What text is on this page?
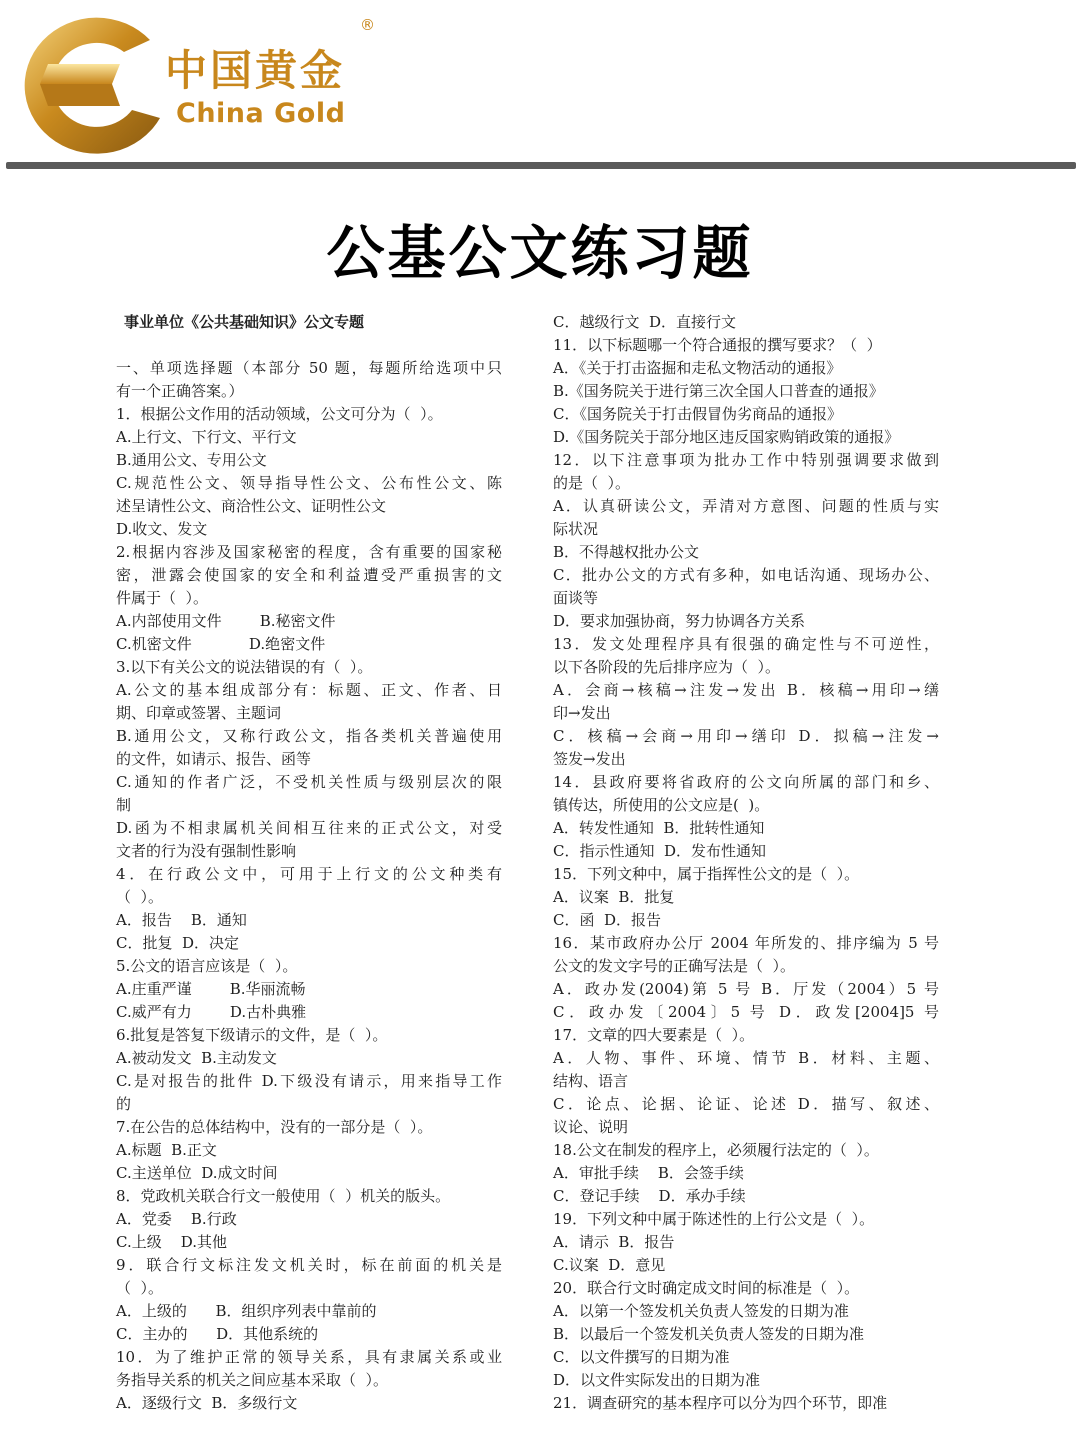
中国黄金
China Gold
®
公基公文练习题
事业单位《公共基础知识》公文专题
一、单项选择题（本部分 50 题，每题所给选项中只
有一个正确答案。）
1．根据公文作用的活动领域，公文可分为（  ）。
A.上行文、下行文、平行文
B.通用公文、专用公文
C.规范性公文、领导指导性公文、公布性公文、陈
述呈请性公文、商洽性公文、证明性公文
D.收文、发文
2.根据内容涉及国家秘密的程度，含有重要的国家秘
密，泄露会使国家的安全和利益遭受严重损害的文
件属于（  ）。
A.内部使用文件        B.秘密文件
C.机密文件            D.绝密文件
3.以下有关公文的说法错误的有（  ）。
A.公文的基本组成部分有：标题、正文、作者、日
期、印章或签署、主题词
B.通用公文，又称行政公文，指各类机关普遍使用
的文件，如请示、报告、函等
C.通知的作者广泛，不受机关性质与级别层次的限
制
D.函为不相隶属机关间相互往来的正式公文，对受
文者的行为没有强制性影响
4．在行政公文中，可用于上行文的公文种类有
（  ）。
A．报告    B．通知
C．批复  D．决定
5.公文的语言应该是（  ）。
A.庄重严谨        B.华丽流畅
C.威严有力        D.古朴典雅
6.批复是答复下级请示的文件，是（  ）。
A.被动发文  B.主动发文
C.是对报告的批件 D.下级没有请示，用来指导工作
的
7.在公告的总体结构中，没有的一部分是（  ）。
A.标题  B.正文
C.主送单位  D.成文时间
8．党政机关联合行文一般使用（  ）机关的版头。
A．党委    B.行政
C.上级    D.其他
9．联合行文标注发文机关时，标在前面的机关是
（  ）。
A．上级的      B．组织序列表中靠前的
C．主办的      D．其他系统的
10．为了维护正常的领导关系，具有隶属关系或业
务指导关系的机关之间应基本采取（  ）。
A．逐级行文  B．多级行文
C．越级行文  D．直接行文
11．以下标题哪一个符合通报的撰写要求？（  ）
A．《关于打击盗掘和走私文物活动的通报》
B.《国务院关于进行第三次全国人口普查的通报》
C．《国务院关于打击假冒伪劣商品的通报》
D.《国务院关于部分地区违反国家购销政策的通报》
12．以下注意事项为批办工作中特别强调要求做到
的是（  ）。
A．认真研读公文，弄清对方意图、问题的性质与实
际状况
B．不得越权批办公文
C．批办公文的方式有多种，如电话沟通、现场办公、
面谈等
D．要求加强协商，努力协调各方关系
13．发文处理程序具有很强的确定性与不可逆性，
以下各阶段的先后排序应为（  ）。
A．会商→核稿→注发→发出 B．核稿→用印→缮
印→发出
C．核稿→会商→用印→缮印 D．拟稿→注发→
签发→发出
14．县政府要将省政府的公文向所属的部门和乡、
镇传达，所使用的公文应是(  )。
A．转发性通知  B．批转性通知
C．指示性通知  D．发布性通知
15．下列文种中，属于指挥性公文的是（  ）。
A．议案  B．批复
C．函  D．报告
16．某市政府办公厅 2004 年所发的、排序编为 5 号
公文的发文字号的正确写法是（  ）。
A．政办发(2004)第 5 号 B．厅发（2004）5 号
C．政办发〔2004〕5 号 D．政发[2004]5 号
17．文章的四大要素是（  ）。
A．人物、事件、环境、情节 B．材料、主题、
结构、语言
C．论点、论据、论证、论述 D．描写、叙述、
议论、说明
18.公文在制发的程序上，必须履行法定的（  ）。
A．审批手续    B．会签手续
C．登记手续    D．承办手续
19．下列文种中属于陈述性的上行公文是（  ）。
A．请示  B．报告
C.议案  D．意见
20．联合行文时确定成文时间的标准是（  ）。
A．以第一个签发机关负责人签发的日期为准
B．以最后一个签发机关负责人签发的日期为准
C．以文件撰写的日期为准
D．以文件实际发出的日期为准
21．调查研究的基本程序可以分为四个环节，即准
